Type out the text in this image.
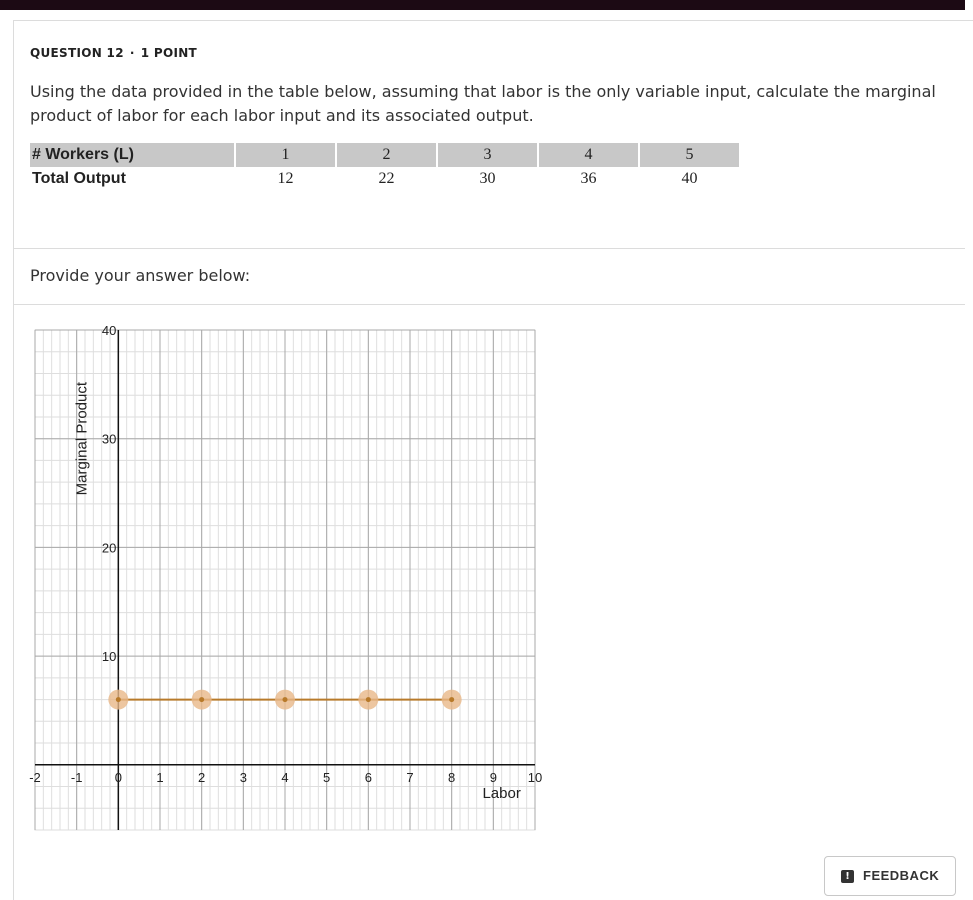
QUESTION 12 · 1 POINT
Using the data provided in the table below, assuming that labor is the only variable input, calculate the marginal product of labor for each labor input and its associated output.
# Workers (L)	1	2	3	4	5
Total Output	12	22	30	36	40
Provide your answer below:
-2 -1 0	1	2	3	4	5	6	7	8	9 10
10
20
30
40
Labor
Marginal Product
!	FEEDBACK
